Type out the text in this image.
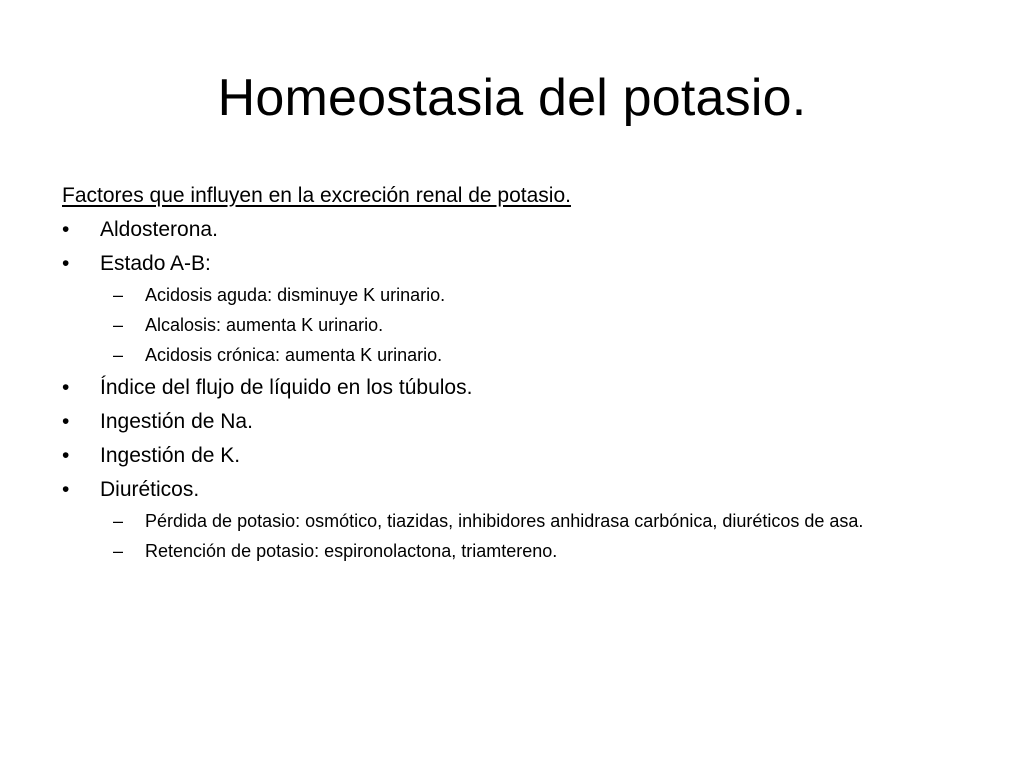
Homeostasia del potasio.
Factores que influyen en la excreción renal de potasio.
•	Aldosterona.
•	Estado A-B:
– Acidosis aguda: disminuye K urinario.
– Alcalosis: aumenta K urinario.
– Acidosis crónica: aumenta K urinario.
•	Índice del flujo de líquido en los túbulos.
•	Ingestión de Na.
•	Ingestión de K.
•	Diuréticos.
– Pérdida de potasio: osmótico, tiazidas, inhibidores anhidrasa carbónica, diuréticos de asa.
– Retención de potasio: espironolactona, triamtereno.
